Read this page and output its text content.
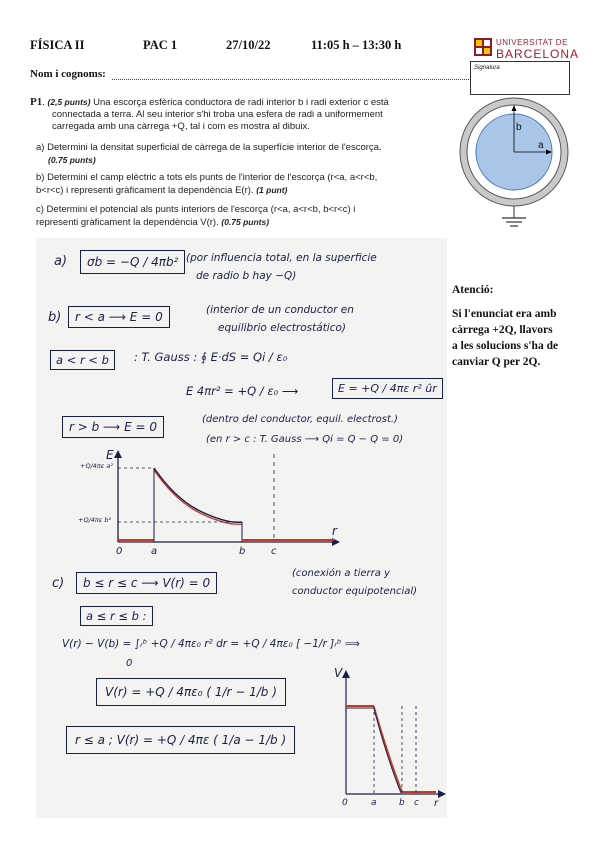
FÍSICA II	PAC 1	27/10/22	11:05 h – 13:30 h	UNIVERSITAT DE
BARCELONA
Nom i cognoms:	Signatura
P1. (2,5 punts) Una escorça esfèrica conductora de radi interior b i radi exterior c està
connectada a terra. Al seu interior s'hi troba una esfera de radi a uniformement
carregada amb una càrrega +Q, tal i com es mostra al dibuix.
a) Determini la densitat superficial de càrrega de la superfície interior de l'escorça.
(0.75 punts)
b) Determini el camp elèctric a tots els punts de l'interior de l'escorça (r<a, a<r<b,
b<r<c) i representi gràficament la dependència E(r). (1 punt)
c) Determini el potencial als punts interiors de l'escorça (r<a, a<r<b, b<r<c) i
representi gràficament la dependència V(r). (0.75 punts)
b
a
Atenció:
Si l'enunciat era amb
càrrega +2Q, llavors
a les solucions s'ha de
canviar Q per 2Q.
a)	σb = −Q / 4πb² (por influencia total, en la superficie
de radio b hay −Q)
b)	r < a ⟶ E = 0	(interior de un conductor en
equilibrio electrostático)
a < r < b	: T. Gauss : ∮ E·dS = Qi / ε₀
E 4πr² = +Q / ε₀ ⟶	E = +Q / 4πε r² ûr
r > b ⟶ E = 0
(dentro del conductor, equil. electrost.)
(en r > c : T. Gauss ⟶ Qi = Q − Q = 0)
E
r
+Q/4πε a²
+Q/4πε b²
0	a	b	c
c)	b ≤ r ≤ c ⟶ V(r) = 0
(conexión a tierra y
conductor equipotencial)
a ≤ r ≤ b :
V(r) − V(b) = ∫ᵣᵇ +Q / 4πε₀ r² dr = +Q / 4πε₀ [ −1/r ]ᵣᵇ ⟹
0
V(r) = +Q / 4πε₀ ( 1/r − 1/b )
r ≤ a ; V(r) = +Q / 4πε ( 1/a − 1/b )
V
r
0	a b c
